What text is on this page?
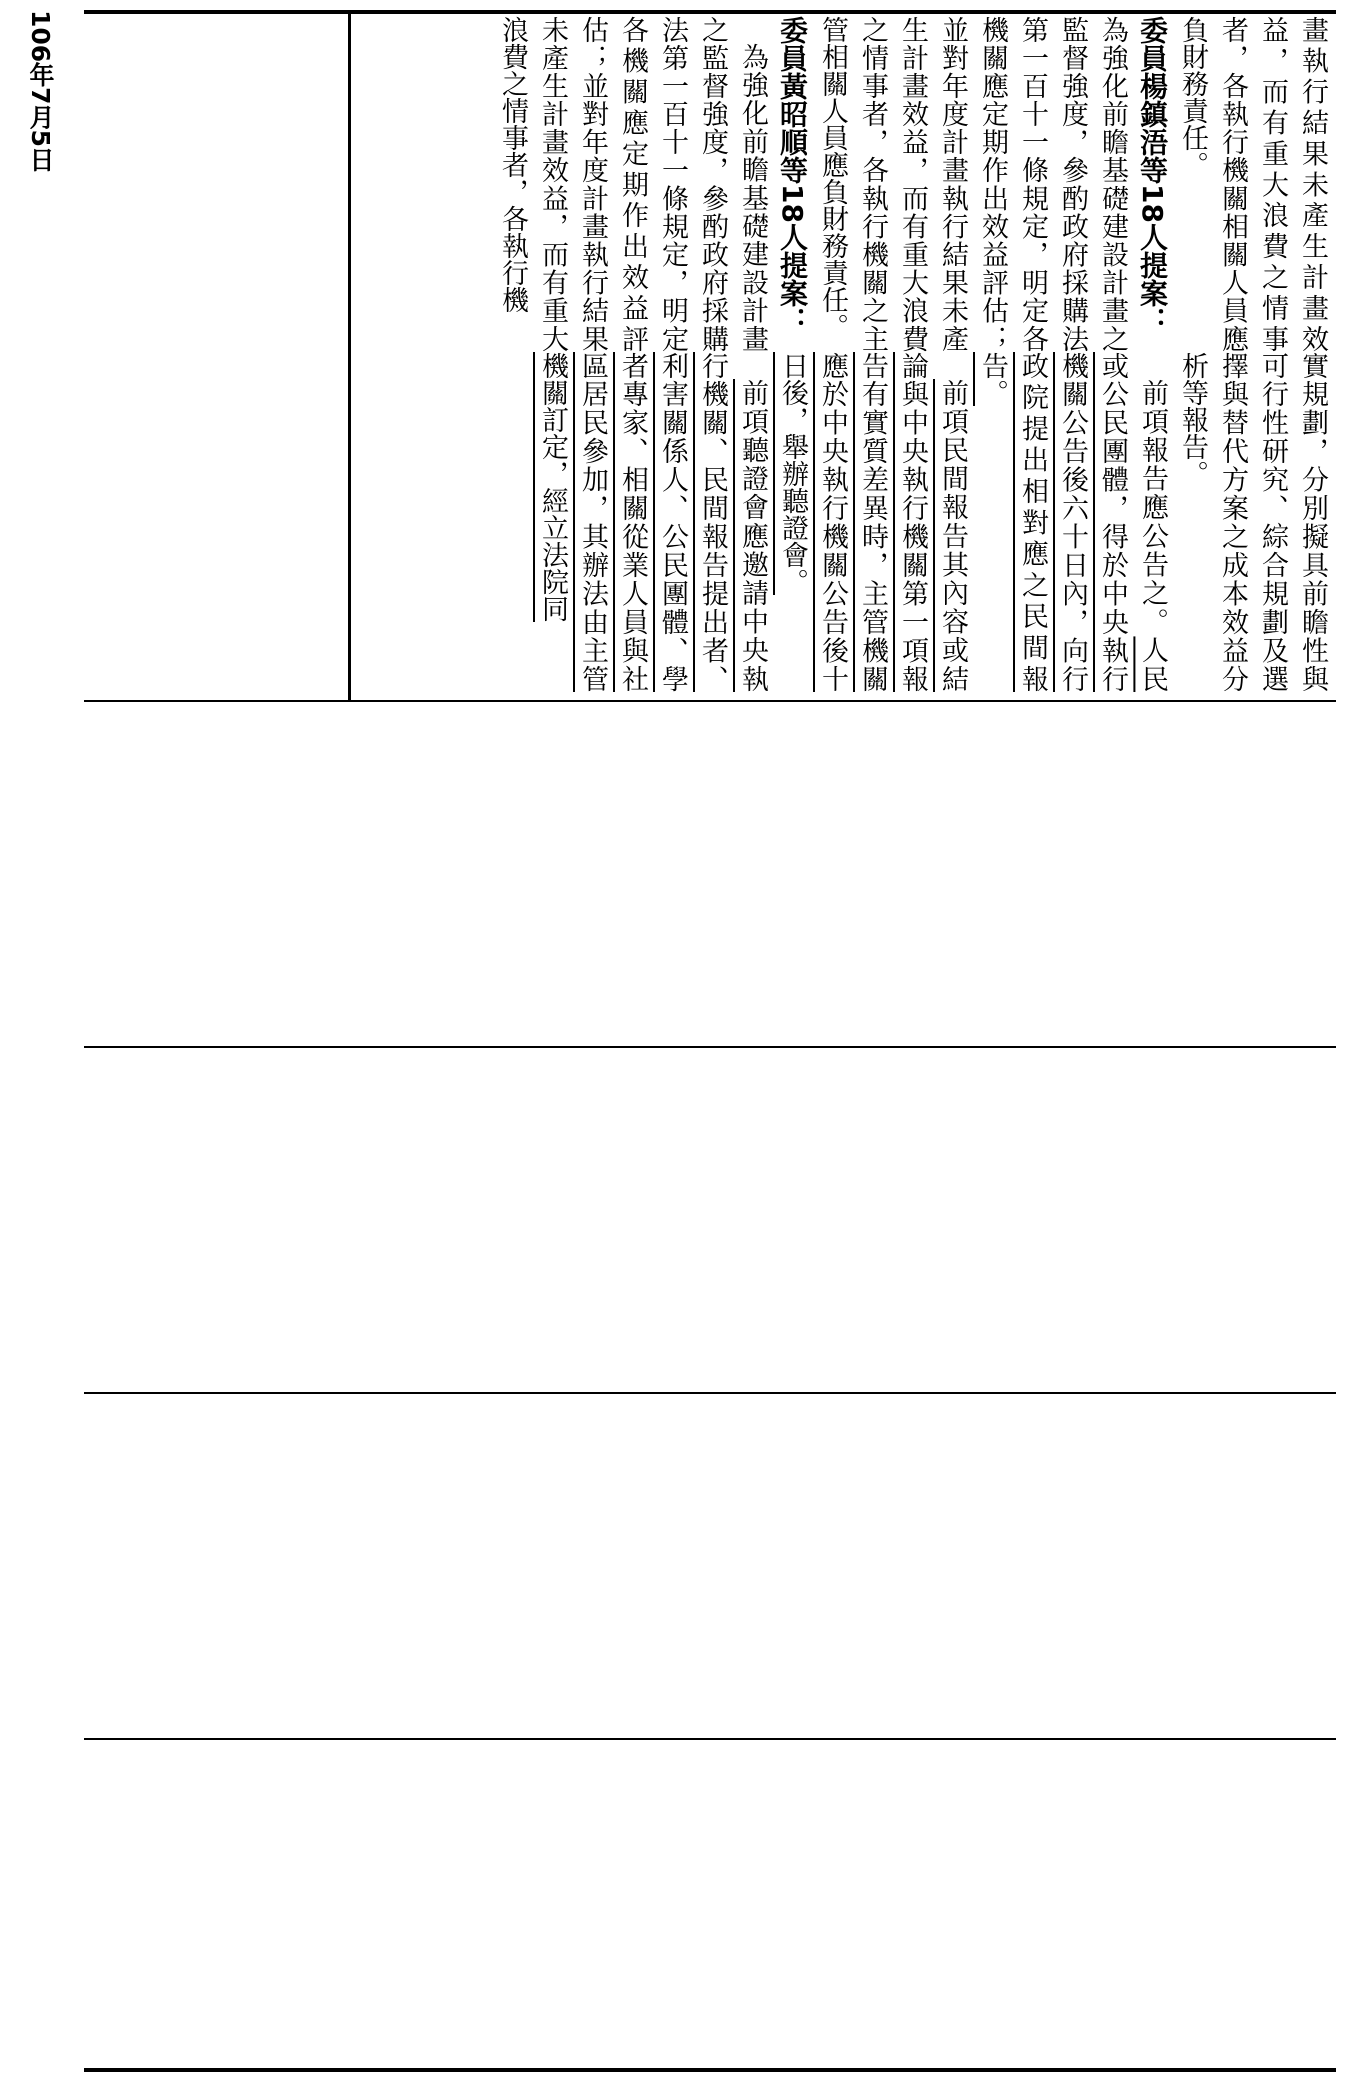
106年7月5日	畫執行結果未產生計畫效益，而有重大浪費之情事者，各執行機關相關人員應負財務責任。

委員楊鎮浯等18人提案：

為強化前瞻基礎建設計畫之監督強度，參酌政府採購法第一百十一條規定，明定各機關應定期作出效益評估；並對年度計畫執行結果未產生計畫效益，而有重大浪費之情事者，各執行機關之主管相關人員應負財務責任。

委員黃昭順等18人提案：

為強化前瞻基礎建設計畫之監督強度，參酌政府採購法第一百十一條規定，明定各機關應定期作出效益評估；並對年度計畫執行結果未產生計畫效益，而有重大浪費之情事者，各執行機

實規劃，分別擬具前瞻性與可行性研究、綜合規劃及選擇與替代方案之成本效益分析等報告。

前項報告應公告之。人民或公民團體，得於中央執行機關公告後六十日內，向行政院提出相對應之民間報告。

前項民間報告其內容或結論與中央執行機關第一項報告有實質差異時，主管機關應於中央執行機關公告後十日後，舉辦聽證會。

前項聽證會應邀請中央執行機關、民間報告提出者、利害關係人、公民團體、學者專家、相關從業人員與社區居民參加，其辦法由主管機關訂定，經立法院同
